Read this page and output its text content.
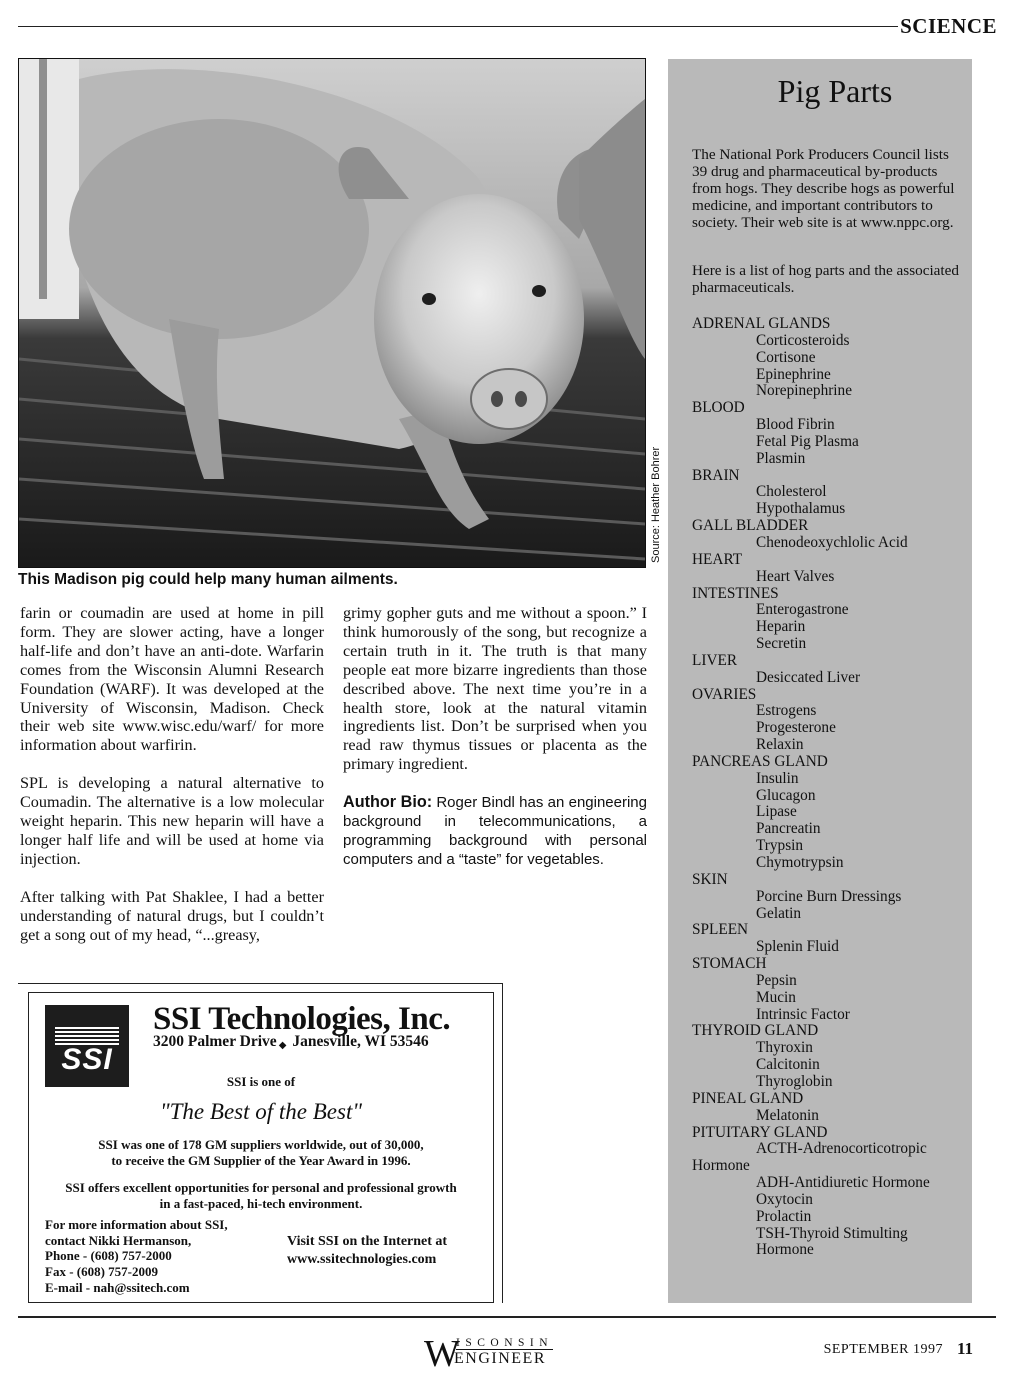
SCIENCE
Source: Heather Bohrer
This Madison pig could help many human ailments.

farin or coumadin are used at home in pill form. They are slower acting, have a longer half-life and don’t have an anti-dote. Warfarin comes from the Wisconsin Alumni Research Foundation (WARF). It was developed at the University of Wisconsin, Madison. Check their web site www.wisc.edu/warf/ for more information about warfirin.

SPL is developing a natural alternative to Coumadin. The alternative is a low molecular weight heparin. This new heparin will have a longer half life and will be used at home via injection.

After talking with Pat Shaklee, I had a better understanding of natural drugs, but I couldn’t get a song out of my head, “...greasy,

grimy gopher guts and me without a spoon.” I think humorously of the song, but recognize a certain truth in it. The truth is that many people eat more bizarre ingredients than those described above. The next time you’re in a health store, look at the natural vitamin ingredients list. Don’t be surprised when you read raw thymus tissues or placenta as the primary ingredient.

Author Bio: Roger Bindl has an engineering background in telecommunications, a programming background with personal computers and a “taste” for vegetables.

Pig Parts
The National Pork Producers Council lists 39 drug and pharmaceutical by-products from hogs. They describe hogs as powerful medicine, and important contributors to society. Their web site is at www.nppc.org.
Here is a list of hog parts and the associated pharmaceuticals.
ADRENAL GLANDS
Corticosteroids
Cortisone
Epinephrine
Norepinephrine
BLOOD
Blood Fibrin
Fetal Pig Plasma
Plasmin
BRAIN
Cholesterol
Hypothalamus
GALL BLADDER
Chenodeoxychlolic Acid
HEART
Heart Valves
INTESTINES
Enterogastrone
Heparin
Secretin
LIVER
Desiccated Liver
OVARIES
Estrogens
Progesterone
Relaxin
PANCREAS GLAND
Insulin
Glucagon
Lipase
Pancreatin
Trypsin
Chymotrypsin
SKIN
Porcine Burn Dressings
Gelatin
SPLEEN
Splenin Fluid
STOMACH
Pepsin
Mucin
Intrinsic Factor
THYROID GLAND
Thyroxin
Calcitonin
Thyroglobin
PINEAL GLAND
Melatonin
PITUITARY GLAND
ACTH-Adrenocorticotropic
Hormone
ADH-Antidiuretic Hormone
Oxytocin
Prolactin
TSH-Thyroid Stimulting
Hormone
SSI
SSI Technologies, Inc.
3200 Palmer Drive ◆ Janesville, WI 53546
SSI is one of
"The Best of the Best"
SSI was one of 178 GM suppliers worldwide, out of 30,000,
to receive the GM Supplier of the Year Award in 1996.
SSI offers excellent opportunities for personal and professional growth
in a fast-paced, hi-tech environment.
For more information about SSI,
contact Nikki Hermanson,
Phone - (608) 757-2000
Fax - (608) 757-2009
E-mail - nah@ssitech.com
Visit SSI on the Internet at
www.ssitechnologies.com
W
ISCONSIN
ENGINEER
SEPTEMBER 1997 11
